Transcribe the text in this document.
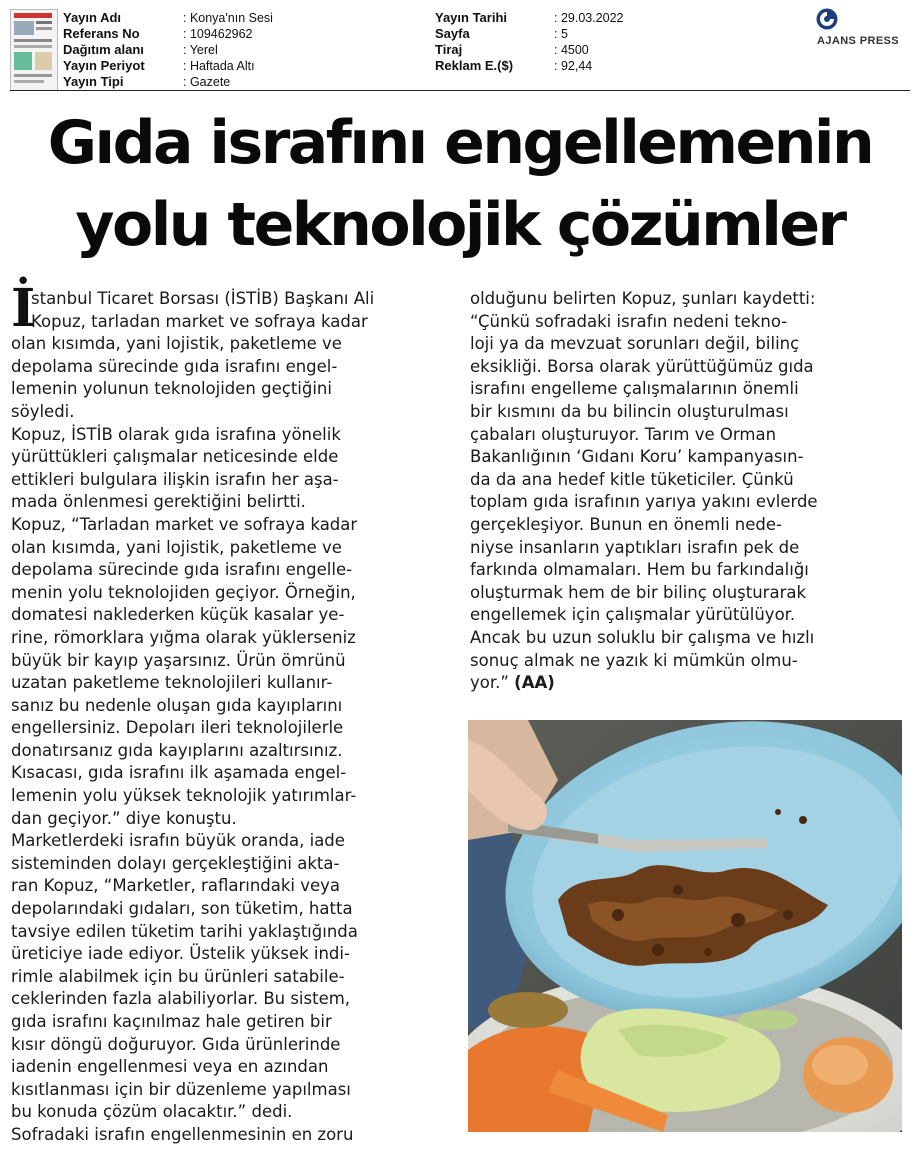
Yayın Adı	: Konya'nın Sesi
Referans No	: 109462962
Dağıtım alanı	: Yerel
Yayın Periyot	: Haftada Altı
Yayın Tipi	: Gazete
Yayın Tarihi	: 29.03.2022
Sayfa	: 5
Tiraj	: 4500
Reklam E.($)	: 92,44
AJANS PRESS
Gıda israfını engellemenin
yolu teknolojik çözümler
İ
stanbul Ticaret Borsası (İSTİB) Başkanı Ali
Kopuz, tarladan market ve sofraya kadar
olan kısımda, yani lojistik, paketleme ve
depolama sürecinde gıda israfını engel-
lemenin yolunun teknolojiden geçtiğini
söyledi.
Kopuz, İSTİB olarak gıda israfına yönelik
yürüttükleri çalışmalar neticesinde elde
ettikleri bulgulara ilişkin israfın her aşa-
mada önlenmesi gerektiğini belirtti.
Kopuz, “Tarladan market ve sofraya kadar
olan kısımda, yani lojistik, paketleme ve
depolama sürecinde gıda israfını engelle-
menin yolu teknolojiden geçiyor. Örneğin,
domatesi naklederken küçük kasalar ye-
rine, römorklara yığma olarak yüklerseniz
büyük bir kayıp yaşarsınız. Ürün ömrünü
uzatan paketleme teknolojileri kullanır-
sanız bu nedenle oluşan gıda kayıplarını
engellersiniz. Depoları ileri teknolojilerle
donatırsanız gıda kayıplarını azaltırsınız.
Kısacası, gıda israfını ilk aşamada engel-
lemenin yolu yüksek teknolojik yatırımlar-
dan geçiyor.” diye konuştu.
Marketlerdeki israfın büyük oranda, iade
sisteminden dolayı gerçekleştiğini akta-
ran Kopuz, “Marketler, raflarındaki veya
depolarındaki gıdaları, son tüketim, hatta
tavsiye edilen tüketim tarihi yaklaştığında
üreticiye iade ediyor. Üstelik yüksek indi-
rimle alabilmek için bu ürünleri satabile-
ceklerinden fazla alabiliyorlar. Bu sistem,
gıda israfını kaçınılmaz hale getiren bir
kısır döngü doğuruyor. Gıda ürünlerinde
iadenin engellenmesi veya en azından
kısıtlanması için bir düzenleme yapılması
bu konuda çözüm olacaktır.” dedi.
Sofradaki israfın engellenmesinin en zoru
olduğunu belirten Kopuz, şunları kaydetti:
“Çünkü sofradaki israfın nedeni tekno-
loji ya da mevzuat sorunları değil, bilinç
eksikliği. Borsa olarak yürüttüğümüz gıda
israfını engelleme çalışmalarının önemli
bir kısmını da bu bilincin oluşturulması
çabaları oluşturuyor. Tarım ve Orman
Bakanlığının ‘Gıdanı Koru’ kampanyasın-
da da ana hedef kitle tüketiciler. Çünkü
toplam gıda israfının yarıya yakını evlerde
gerçekleşiyor. Bunun en önemli nede-
niyse insanların yaptıkları israfın pek de
farkında olmamaları. Hem bu farkındalığı
oluşturmak hem de bir bilinç oluşturarak
engellemek için çalışmalar yürütülüyor.
Ancak bu uzun soluklu bir çalışma ve hızlı
sonuç almak ne yazık ki mümkün olmu-
yor.” (AA)
